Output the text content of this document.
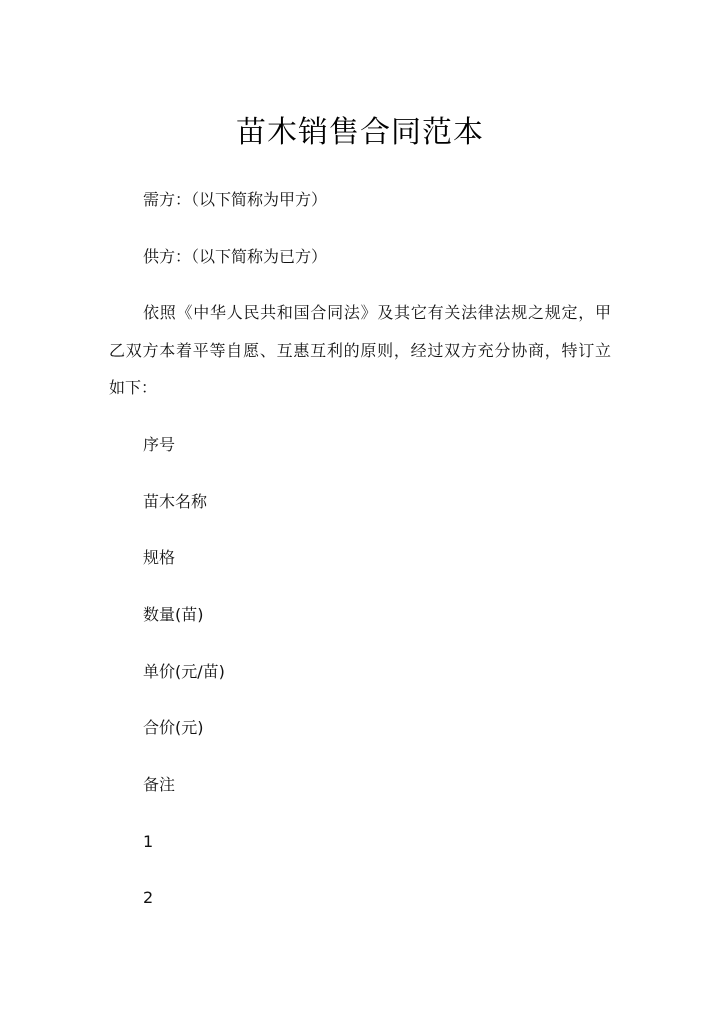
苗木销售合同范本
需方：（以下简称为甲方）
供方：（以下简称为已方）
依照《中华人民共和国合同法》及其它有关法律法规之规定，甲
乙双方本着平等自愿、互惠互利的原则，经过双方充分协商，特订立
如下：
序号
苗木名称
规格
数量(苗)
单价(元/苗)
合价(元)
备注
1
2
